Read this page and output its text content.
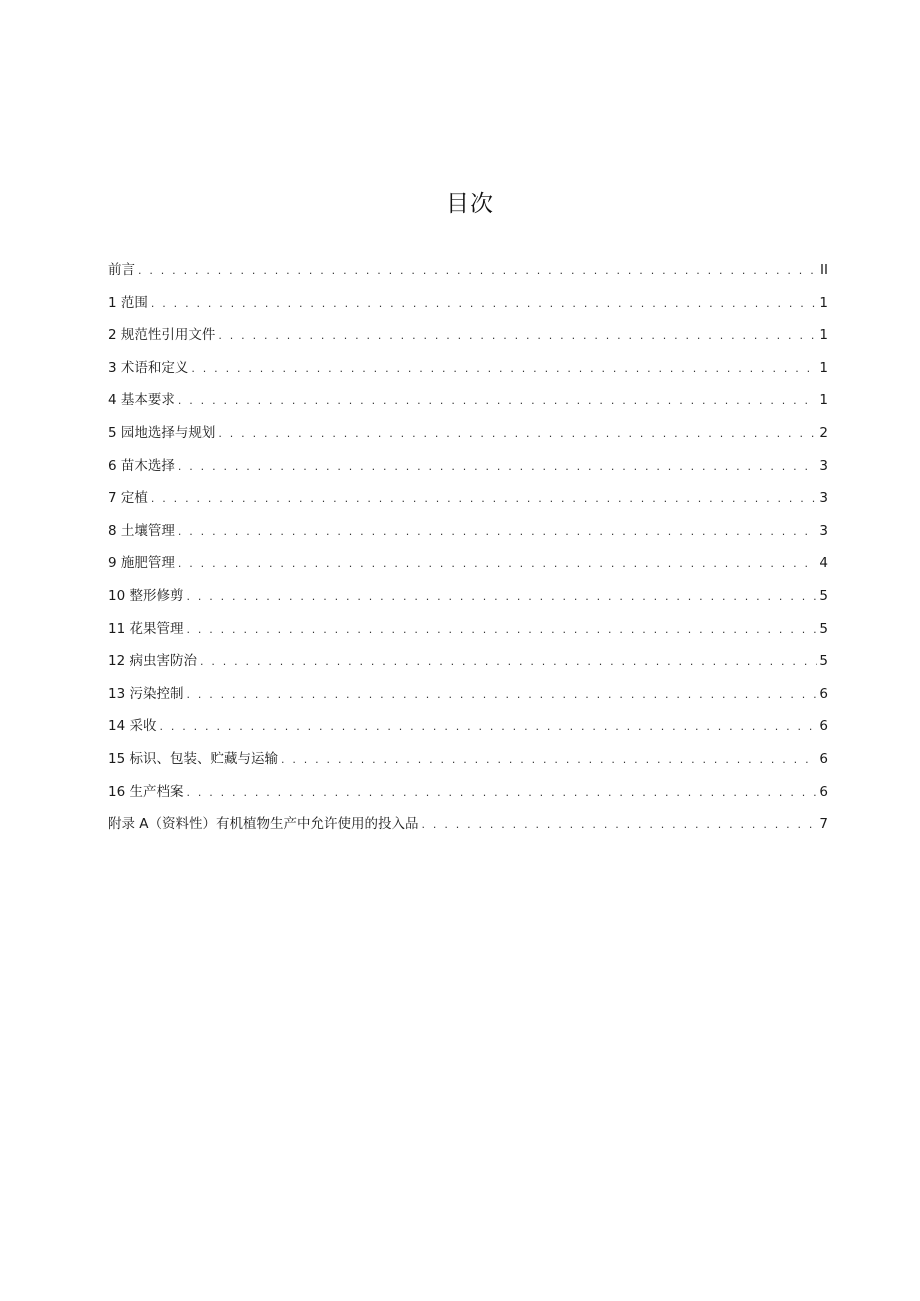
目次
前言 . . .	II
1 范围 . . .	1
2 规范性引用文件 . . .	1
3 术语和定义 . . .	1
4 基本要求 . . .	1
5 园地选择与规划 . . .	2
6 苗木选择 . . .	3
7 定植 . . .	3
8 土壤管理 . . .	3
9 施肥管理 . . .	4
10 整形修剪 . . .	5
11 花果管理 . . .	5
12 病虫害防治 . . .	5
13 污染控制 . . .	6
14 采收 . . .	6
15 标识、包装、贮藏与运输 . . .	6
16 生产档案 . . .	6
附录 A（资料性）有机植物生产中允许使用的投入品 . . .	7
